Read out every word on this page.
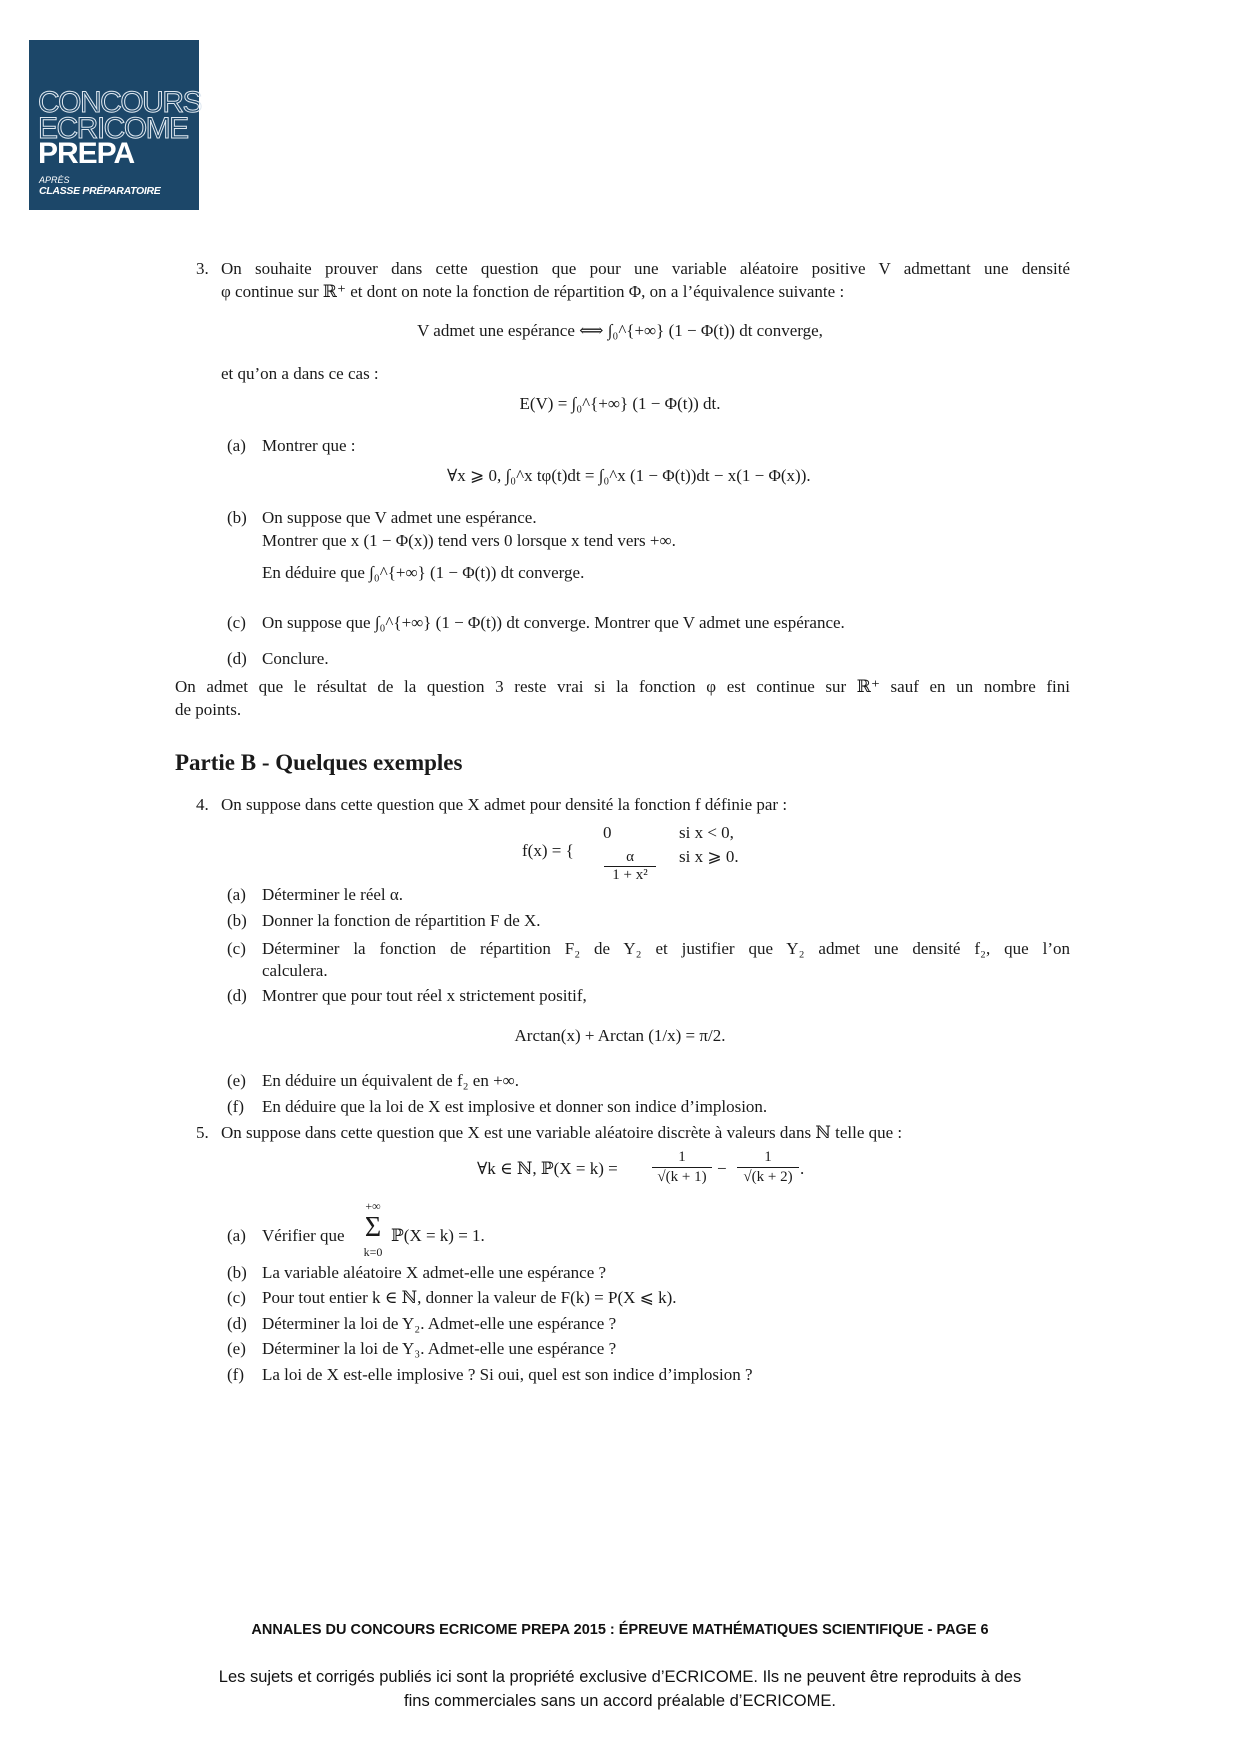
CONCOURS
ECRICOME
PREPA
APRÈS
CLASSE PRÉPARATOIRE
3. On souhaite prouver dans cette question que pour une variable aléatoire positive V admettant une densité
φ continue sur ℝ⁺ et dont on note la fonction de répartition Φ, on a l’équivalence suivante :
V admet une espérance ⟺ ∫₀^{+∞} (1 − Φ(t)) dt converge,
et qu’on a dans ce cas :
E(V) = ∫₀^{+∞} (1 − Φ(t)) dt.
(a) Montrer que :
∀x ⩾ 0, ∫₀^x tφ(t)dt = ∫₀^x (1 − Φ(t))dt − x(1 − Φ(x)).
(b) On suppose que V admet une espérance.
Montrer que x (1 − Φ(x)) tend vers 0 lorsque x tend vers +∞.
En déduire que ∫₀^{+∞} (1 − Φ(t)) dt converge.
(c) On suppose que ∫₀^{+∞} (1 − Φ(t)) dt converge. Montrer que V admet une espérance.
(d) Conclure.
On admet que le résultat de la question 3 reste vrai si la fonction φ est continue sur ℝ⁺ sauf en un nombre fini
de points.
Partie B - Quelques exemples
4. On suppose dans cette question que X admet pour densité la fonction f définie par :
f(x) = {
0	si x < 0,
α
1 + x²
si x ⩾ 0.
(a) Déterminer le réel α.
(b) Donner la fonction de répartition F de X.
(c) Déterminer la fonction de répartition F₂ de Y₂ et justifier que Y₂ admet une densité f₂, que l’on
calculera.
(d) Montrer que pour tout réel x strictement positif,
Arctan(x) + Arctan (1/x) = π/2.
(e) En déduire un équivalent de f₂ en +∞.
(f) En déduire que la loi de X est implosive et donner son indice d’implosion.
5. On suppose dans cette question que X est une variable aléatoire discrète à valeurs dans ℕ telle que :
∀k ∈ ℕ, ℙ(X = k) =
1
√(k + 1) −
1
√(k + 2) .
(a) Vérifier que
+∞
Σ
k=0
ℙ(X = k) = 1.
(b) La variable aléatoire X admet-elle une espérance ?
(c) Pour tout entier k ∈ ℕ, donner la valeur de F(k) = P(X ⩽ k).
(d) Déterminer la loi de Y₂. Admet-elle une espérance ?
(e) Déterminer la loi de Y₃. Admet-elle une espérance ?
(f) La loi de X est-elle implosive ? Si oui, quel est son indice d’implosion ?
ANNALES DU CONCOURS ECRICOME PREPA 2015 : ÉPREUVE MATHÉMATIQUES SCIENTIFIQUE - PAGE 6
Les sujets et corrigés publiés ici sont la propriété exclusive d’ECRICOME. Ils ne peuvent être reproduits à des
fins commerciales sans un accord préalable d’ECRICOME.
